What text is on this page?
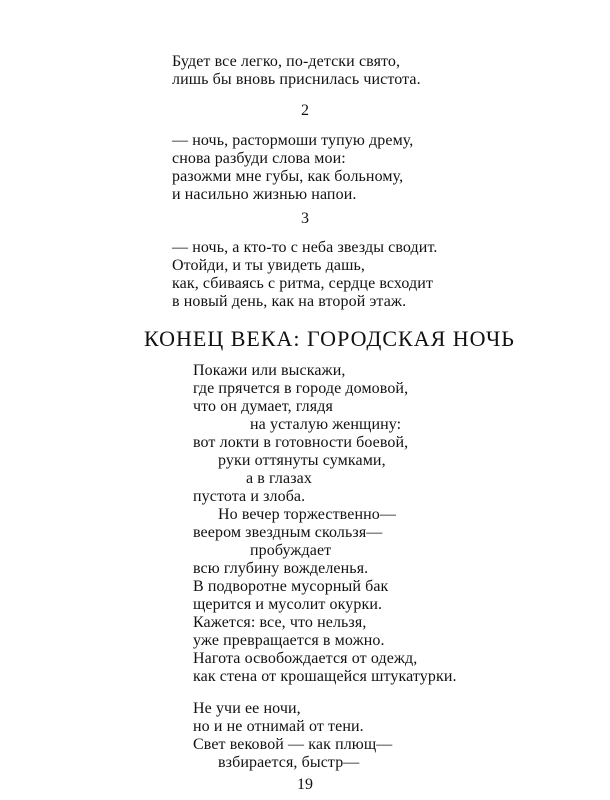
Будет все легко, по-детски свято,

лишь бы вновь приснилась чистота.

2

— ночь, растормоши тупую дрему,

снова разбуди слова мои:

разожми мне губы, как больному,

и насильно жизнью напои.

3

— ночь, а кто-то с неба звезды сводит.

Отойди, и ты увидеть дашь,

как, сбиваясь с ритма, сердце всходит

в новый день, как на второй этаж.

КОНЕЦ ВЕКА: ГОРОДСКАЯ НОЧЬ

Покажи или выскажи,

где прячется в городе домовой,

что он думает, глядя

на усталую женщину:

вот локти в готовности боевой,

руки оттянуты сумками,

а в глазах

пустота и злоба.

Но вечер торжественно—

веером звездным скользя—

пробуждает

всю глубину вожделенья.

В подворотне мусорный бак

щерится и мусолит окурки.

Кажется: все, что нельзя,

уже превращается в можно.

Нагота освобождается от одежд,

как стена от крошащейся штукатурки.

Не учи ее ночи,

но и не отнимай от тени.

Свет вековой — как плющ—

взбирается, быстр—

19
